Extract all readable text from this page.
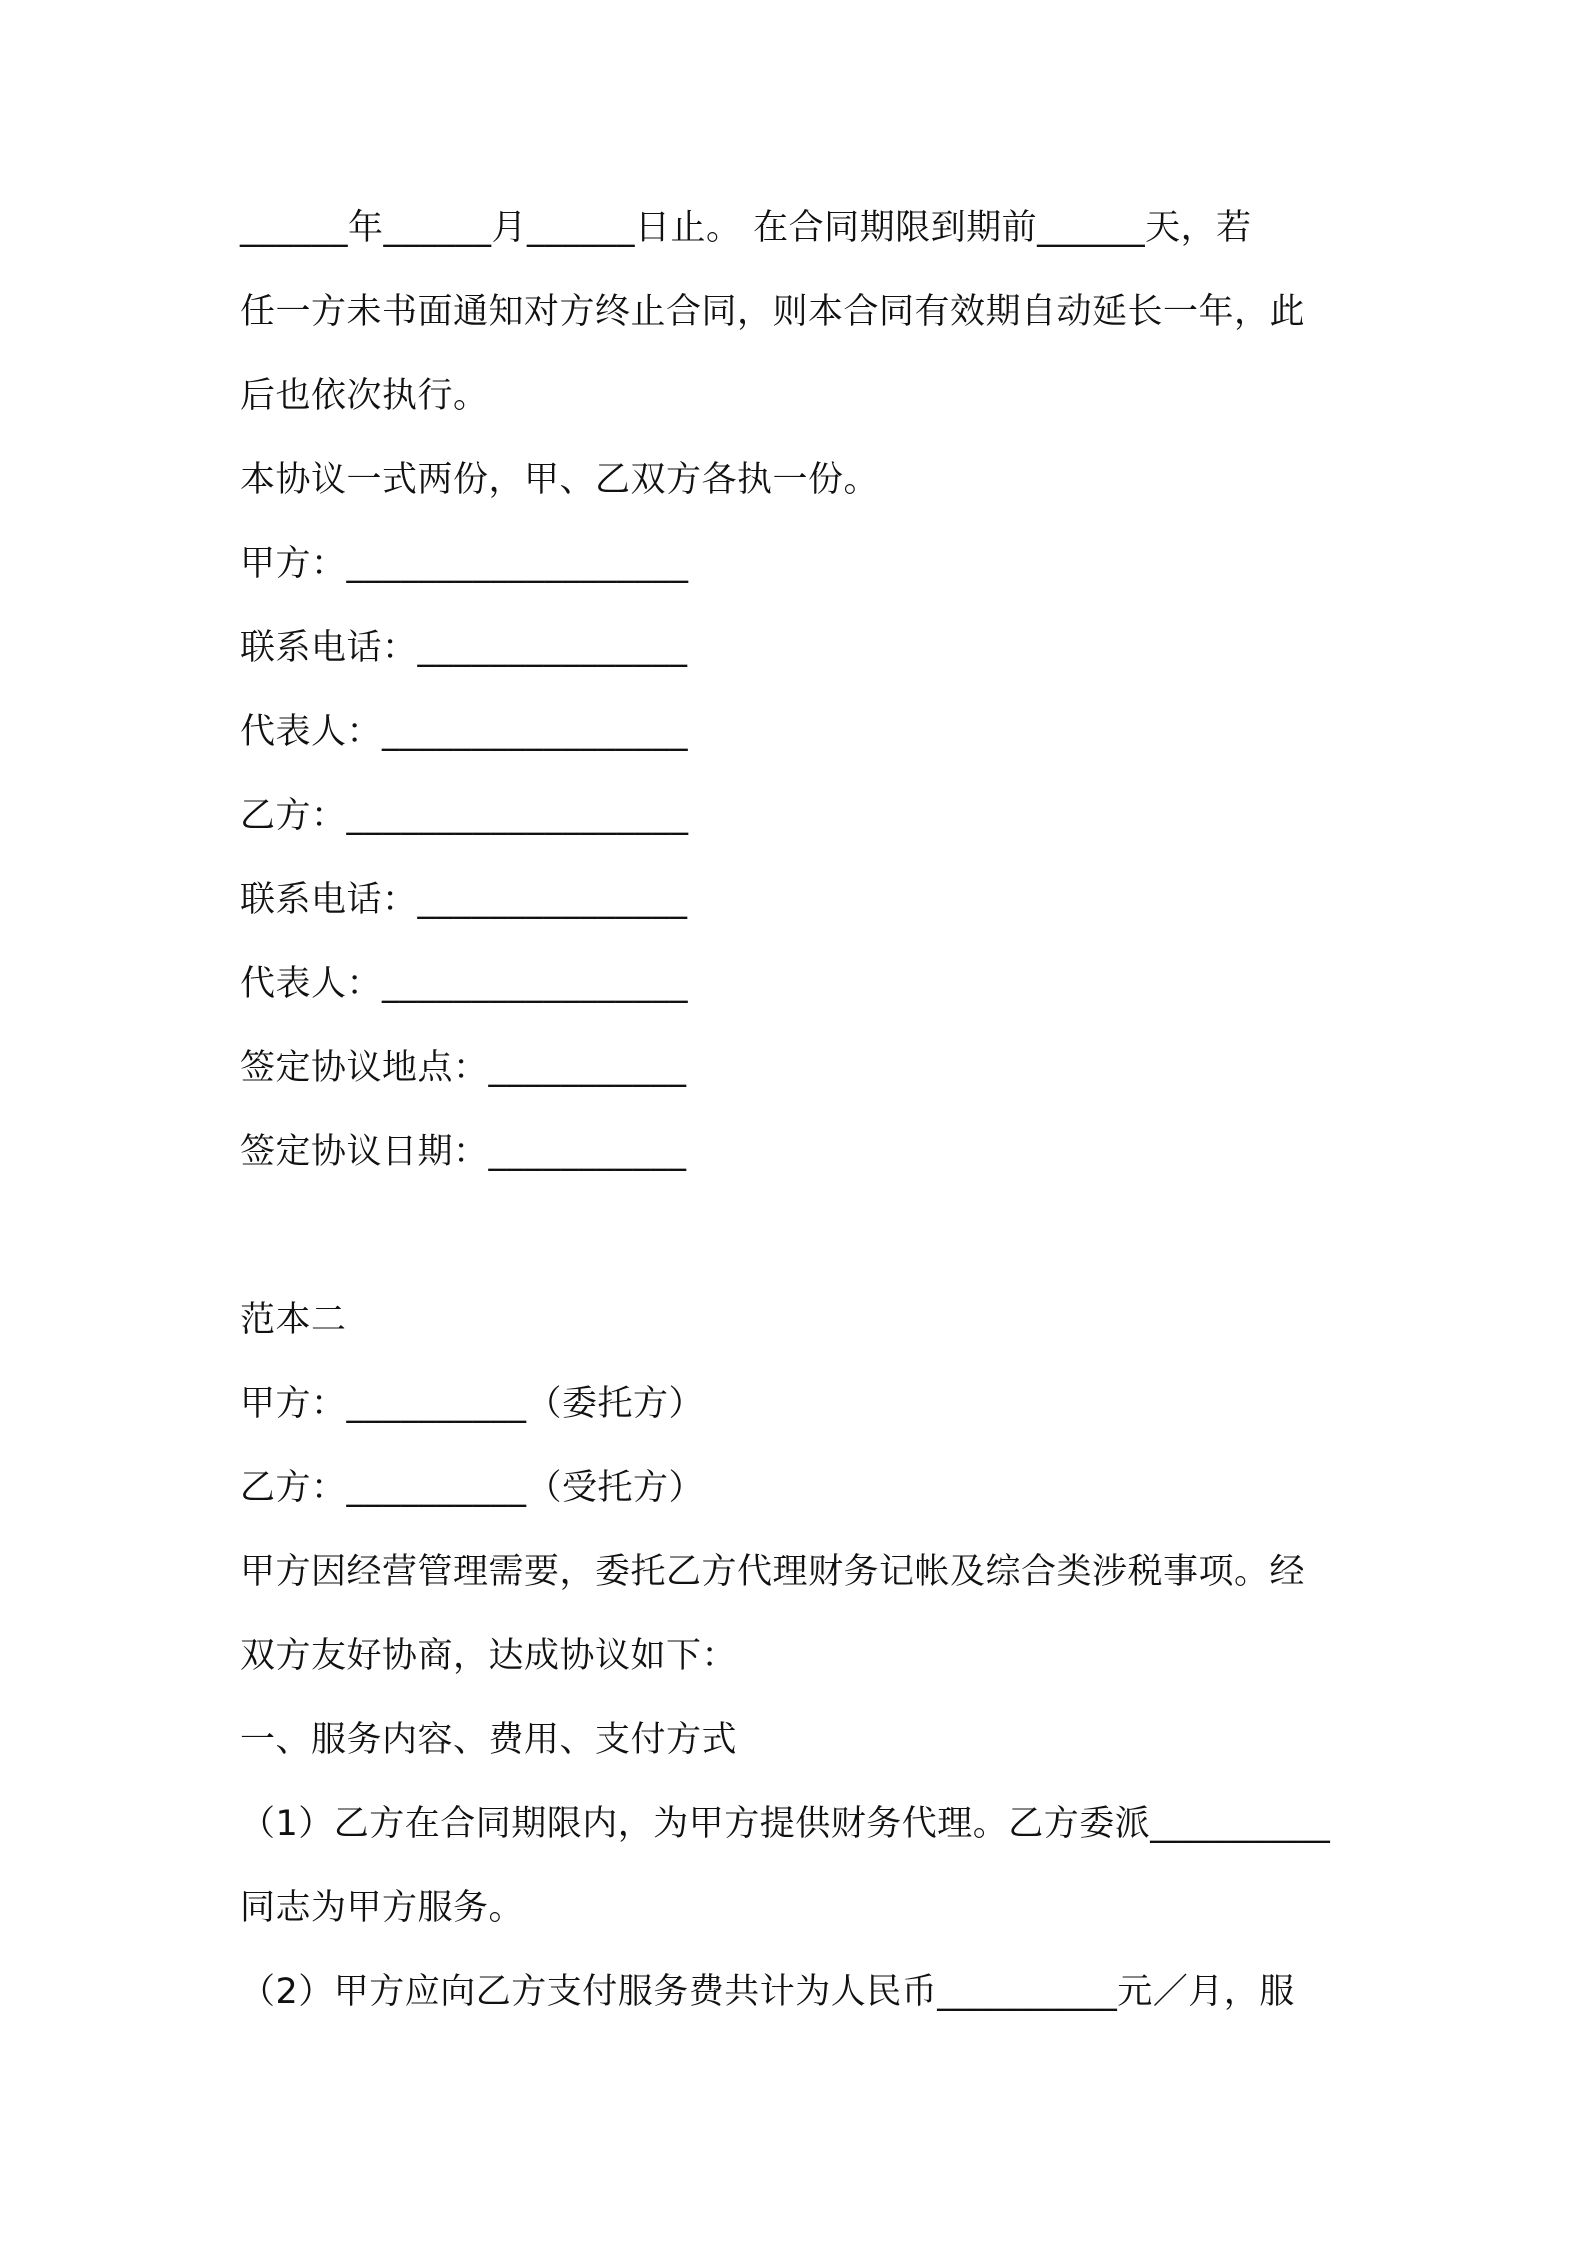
______年______月______日止。 在合同期限到期前______天，若
任一方未书面通知对方终止合同，则本合同有效期自动延长一年，此
后也依次执行。
本协议一式两份，甲、乙双方各执一份。
甲方：___________________
联系电话：_______________
代表人：_________________
乙方：___________________
联系电话：_______________
代表人：_________________
签定协议地点：___________
签定协议日期：___________
范本二
甲方：__________（委托方）
乙方：__________（受托方）
甲方因经营管理需要，委托乙方代理财务记帐及综合类涉税事项。经
双方友好协商，达成协议如下：
一、服务内容、费用、支付方式
（1）乙方在合同期限内，为甲方提供财务代理。乙方委派__________
同志为甲方服务。
（2）甲方应向乙方支付服务费共计为人民币__________元／月，服
